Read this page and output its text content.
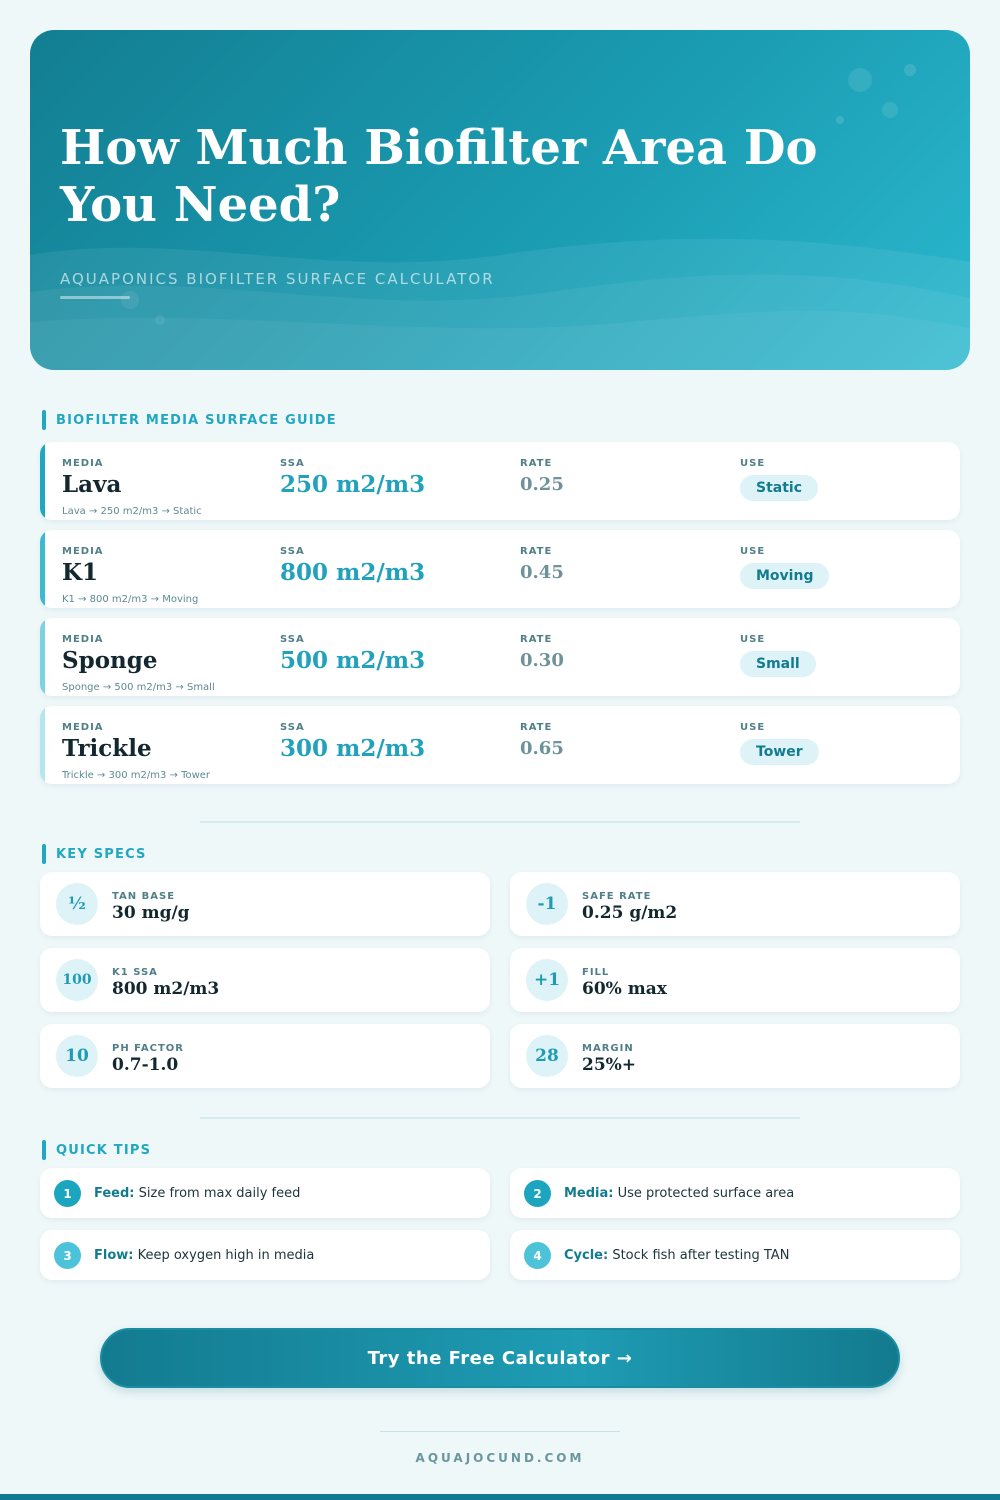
How Much Biofilter Area Do You Need?
AQUAPONICS BIOFILTER SURFACE CALCULATOR
BIOFILTER MEDIA SURFACE GUIDE
MEDIA
Lava
SSA
250 m2/m3
RATE
0.25
USE
Static
Lava → 250 m2/m3 → Static
MEDIA
K1
SSA
800 m2/m3
RATE
0.45
USE
Moving
K1 → 800 m2/m3 → Moving
MEDIA
Sponge
SSA
500 m2/m3
RATE
0.30
USE
Small
Sponge → 500 m2/m3 → Small
MEDIA
Trickle
SSA
300 m2/m3
RATE
0.65
USE
Tower
Trickle → 300 m2/m3 → Tower
KEY SPECS
½	TAN BASE
30 mg/g	-1	SAFE RATE
0.25 g/m2
100	K1 SSA
800 m2/m3	+1	FILL
60% max
10	PH FACTOR
0.7-1.0	28	MARGIN
25%+
QUICK TIPS
1	Feed: Size from max daily feed	2	Media: Use protected surface area
3	Flow: Keep oxygen high in media	4	Cycle: Stock fish after testing TAN
Try the Free Calculator →
AQUAJOCUND.COM
